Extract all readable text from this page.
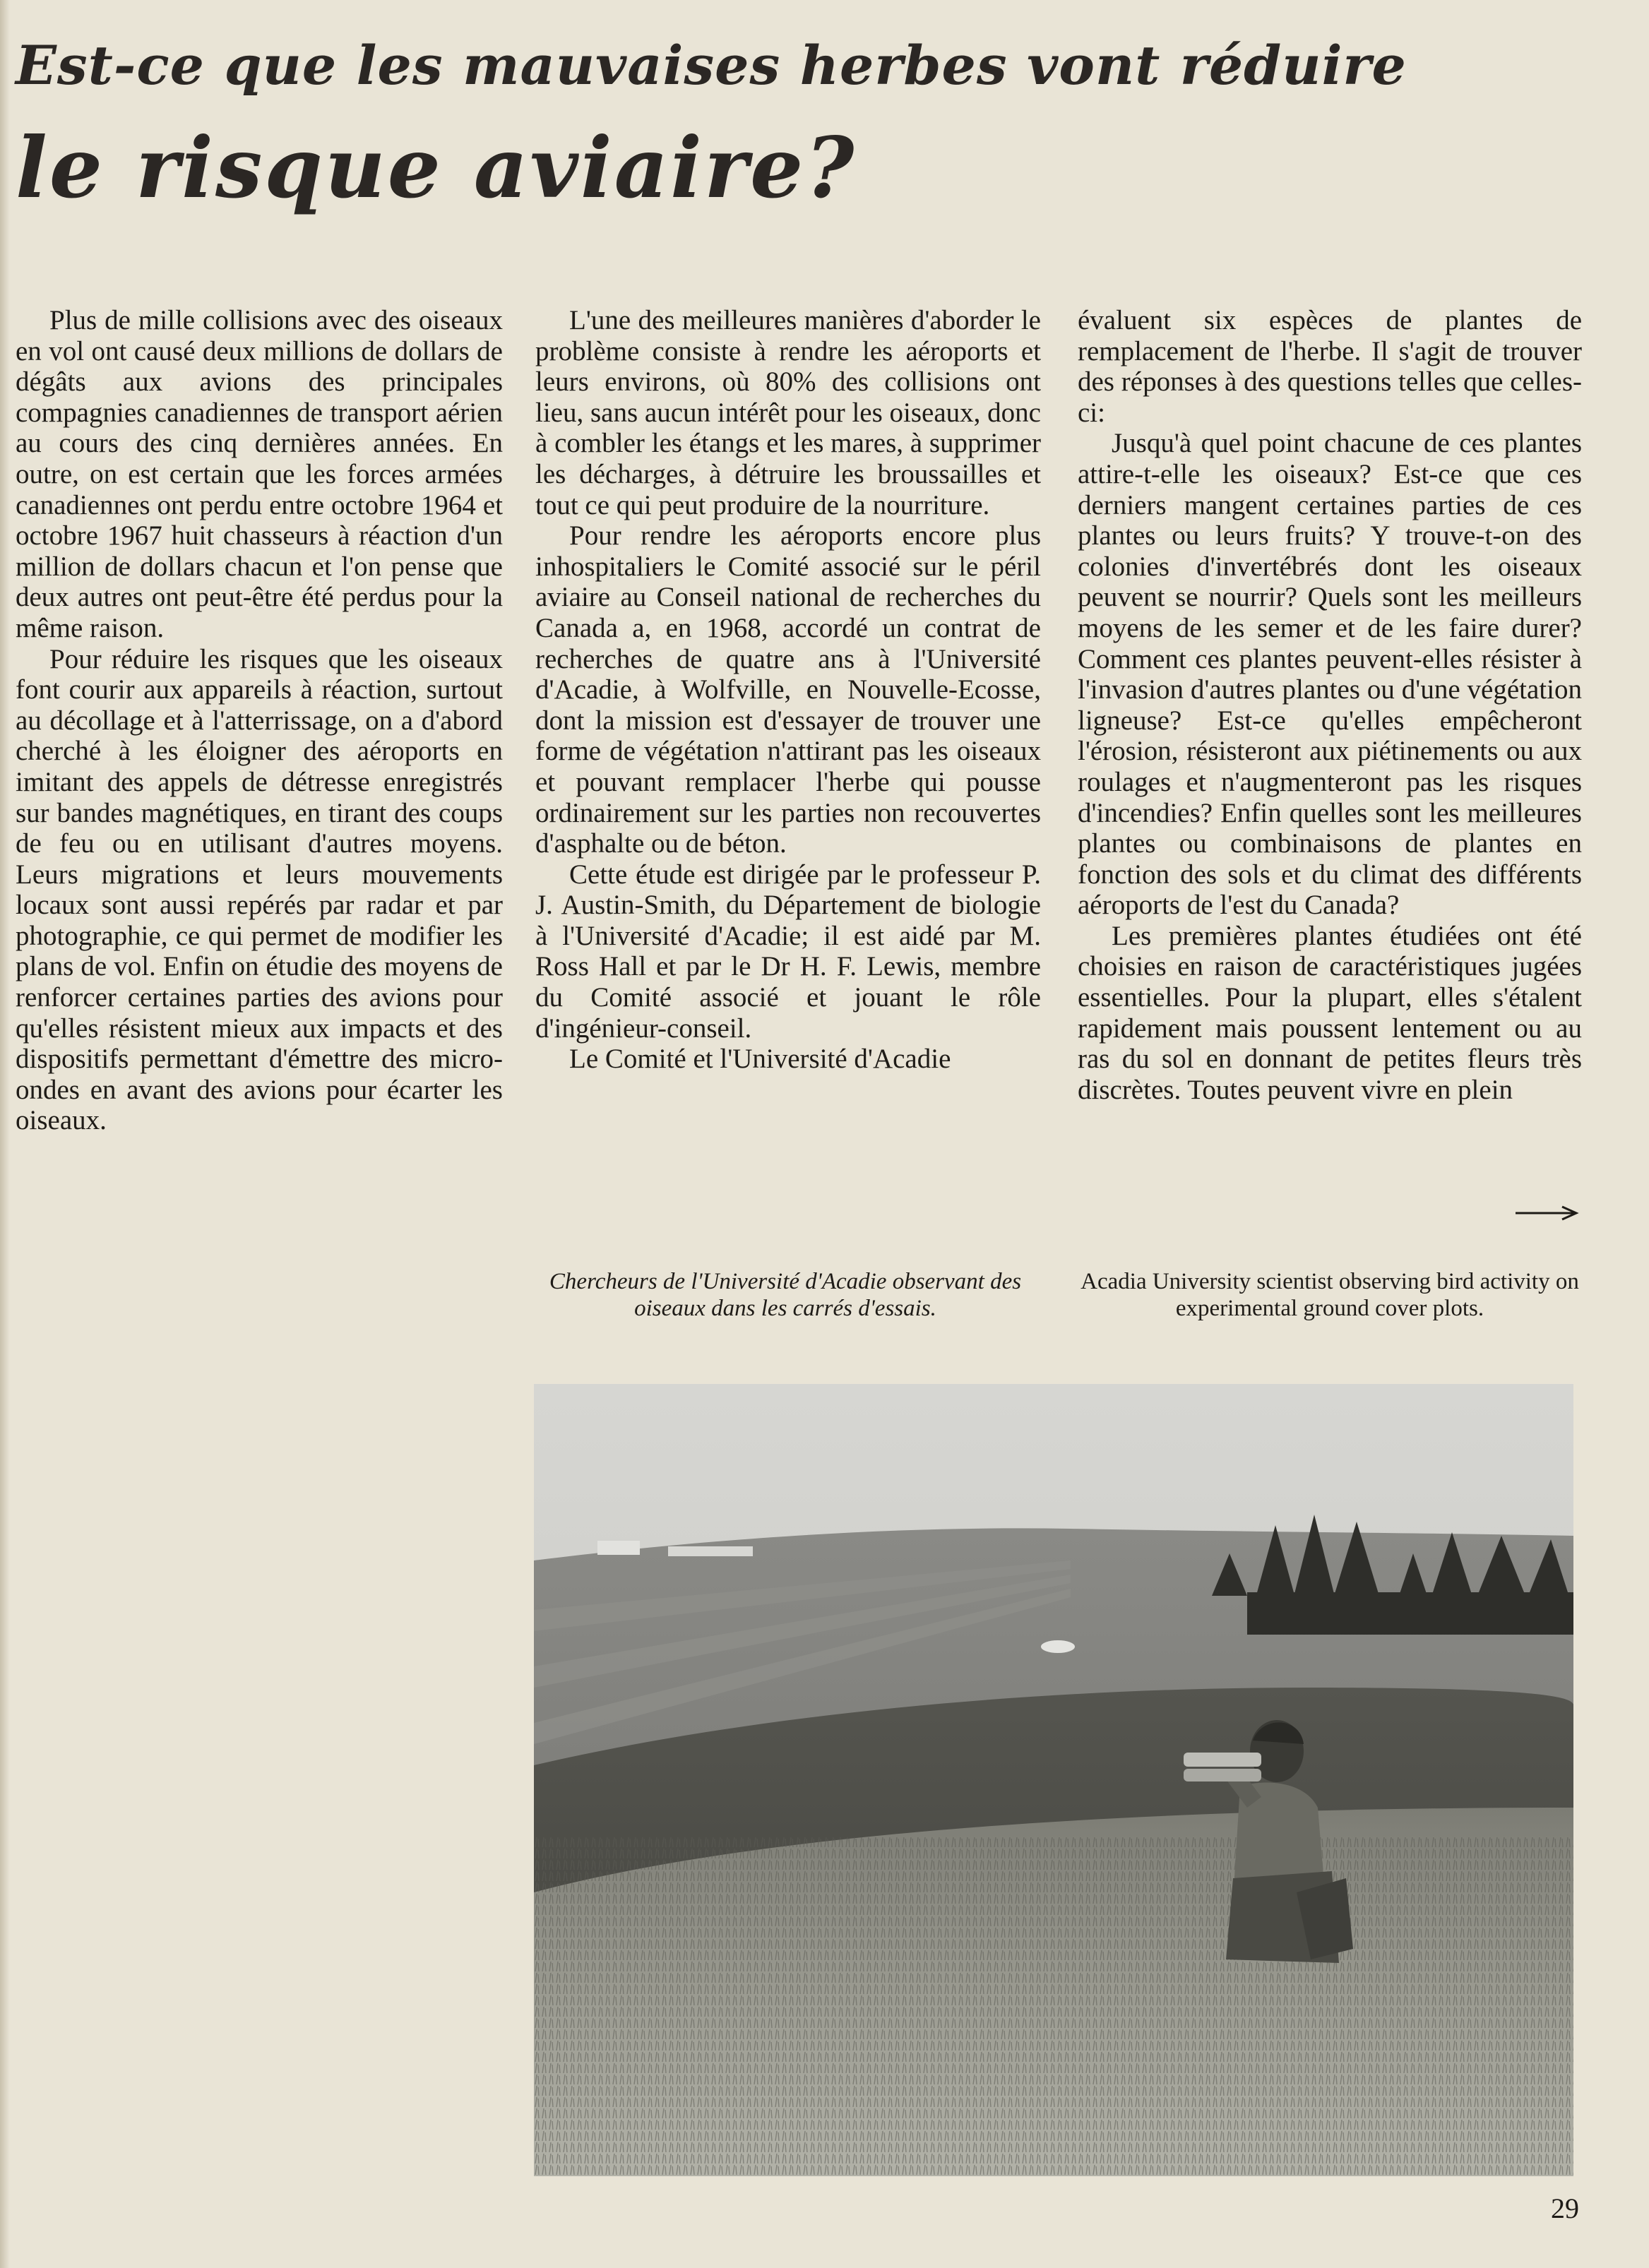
Est-ce que les mauvaises herbes vont réduire
le risque aviaire?

Plus de mille collisions avec des oiseaux en vol ont causé deux millions de dollars de dégâts aux avions des principales compagnies canadiennes de transport aérien au cours des cinq dernières années. En outre, on est certain que les forces armées canadiennes ont perdu entre octobre 1964 et octobre 1967 huit chasseurs à réaction d'un million de dollars chacun et l'on pense que deux autres ont peut-être été perdus pour la même raison.

Pour réduire les risques que les oiseaux font courir aux appareils à réaction, surtout au décollage et à l'atterrissage, on a d'abord cherché à les éloigner des aéroports en imitant des appels de détresse enregistrés sur bandes magnétiques, en tirant des coups de feu ou en utilisant d'autres moyens. Leurs migrations et leurs mouvements locaux sont aussi repérés par radar et par photographie, ce qui permet de modifier les plans de vol. Enfin on étudie des moyens de renforcer certaines parties des avions pour qu'elles résistent mieux aux impacts et des dispositifs permettant d'émettre des micro-ondes en avant des avions pour écarter les oiseaux.

L'une des meilleures manières d'aborder le problème consiste à rendre les aéroports et leurs environs, où 80% des collisions ont lieu, sans aucun intérêt pour les oiseaux, donc à combler les étangs et les mares, à supprimer les décharges, à détruire les broussailles et tout ce qui peut produire de la nourriture.

Pour rendre les aéroports encore plus inhospitaliers le Comité associé sur le péril aviaire au Conseil national de recherches du Canada a, en 1968, accordé un contrat de recherches de quatre ans à l'Université d'Acadie, à Wolfville, en Nouvelle-Ecosse, dont la mission est d'essayer de trouver une forme de végétation n'attirant pas les oiseaux et pouvant remplacer l'herbe qui pousse ordinairement sur les parties non recouvertes d'asphalte ou de béton.

Cette étude est dirigée par le professeur P. J. Austin-Smith, du Département de biologie à l'Université d'Acadie; il est aidé par M. Ross Hall et par le Dr H. F. Lewis, membre du Comité associé et jouant le rôle d'ingénieur-conseil.

Le Comité et l'Université d'Acadie

évaluent six espèces de plantes de remplacement de l'herbe. Il s'agit de trouver des réponses à des questions telles que celles-ci:

Jusqu'à quel point chacune de ces plantes attire-t-elle les oiseaux? Est-ce que ces derniers mangent certaines parties de ces plantes ou leurs fruits? Y trouve-t-on des colonies d'invertébrés dont les oiseaux peuvent se nourrir? Quels sont les meilleurs moyens de les semer et de les faire durer? Comment ces plantes peuvent-elles résister à l'invasion d'autres plantes ou d'une végétation ligneuse? Est-ce qu'elles empêcheront l'érosion, résisteront aux piétinements ou aux roulages et n'augmenteront pas les risques d'incendies? Enfin quelles sont les meilleures plantes ou combinaisons de plantes en fonction des sols et du climat des différents aéroports de l'est du Canada?

Les premières plantes étudiées ont été choisies en raison de caractéristiques jugées essentielles. Pour la plupart, elles s'étalent rapidement mais poussent lentement ou au ras du sol en donnant de petites fleurs très discrètes. Toutes peuvent vivre en plein

Chercheurs de l'Université d'Acadie observant des oiseaux dans les carrés d'essais.
Acadia University scientist observing bird activity on experimental ground cover plots.
29
